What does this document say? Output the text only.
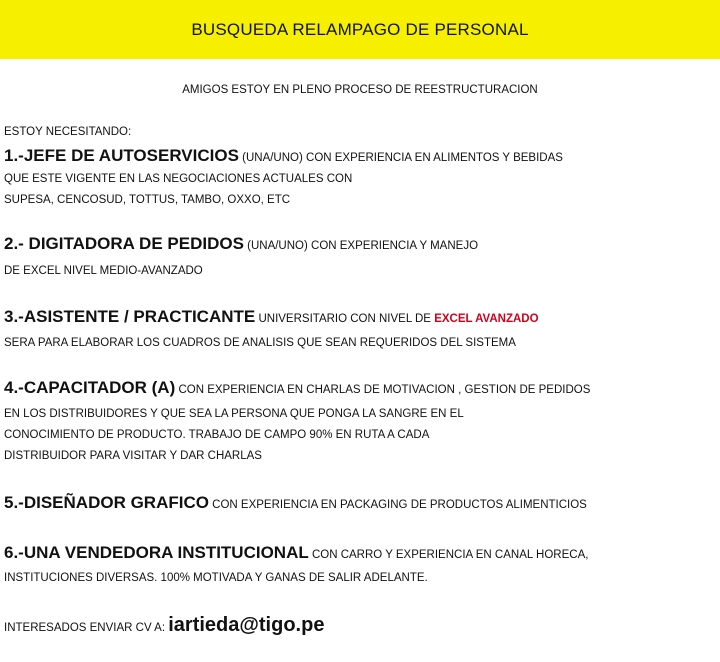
BUSQUEDA RELAMPAGO DE PERSONAL
AMIGOS ESTOY EN PLENO PROCESO DE REESTRUCTURACION
ESTOY NECESITANDO:
1.-JEFE DE AUTOSERVICIOS (UNA/UNO) CON EXPERIENCIA EN ALIMENTOS Y BEBIDAS
QUE ESTE VIGENTE EN LAS NEGOCIACIONES ACTUALES CON
SUPESA, CENCOSUD, TOTTUS, TAMBO, OXXO, ETC
2.- DIGITADORA DE PEDIDOS (UNA/UNO) CON EXPERIENCIA Y MANEJO
DE EXCEL NIVEL MEDIO-AVANZADO
3.-ASISTENTE / PRACTICANTE UNIVERSITARIO CON NIVEL DE EXCEL AVANZADO
SERA PARA ELABORAR LOS CUADROS DE ANALISIS QUE SEAN REQUERIDOS DEL SISTEMA
4.-CAPACITADOR (A) CON EXPERIENCIA EN CHARLAS DE MOTIVACION , GESTION DE PEDIDOS
EN LOS DISTRIBUIDORES Y QUE SEA LA PERSONA QUE PONGA LA SANGRE EN EL
CONOCIMIENTO DE PRODUCTO. TRABAJO DE CAMPO 90% EN RUTA A CADA
DISTRIBUIDOR PARA VISITAR Y DAR CHARLAS
5.-DISEÑADOR GRAFICO CON EXPERIENCIA EN PACKAGING DE PRODUCTOS ALIMENTICIOS
6.-UNA VENDEDORA INSTITUCIONAL CON CARRO Y EXPERIENCIA EN CANAL HORECA,
INSTITUCIONES DIVERSAS. 100% MOTIVADA Y GANAS DE SALIR ADELANTE.
INTERESADOS ENVIAR CV A: iartieda@tigo.pe
